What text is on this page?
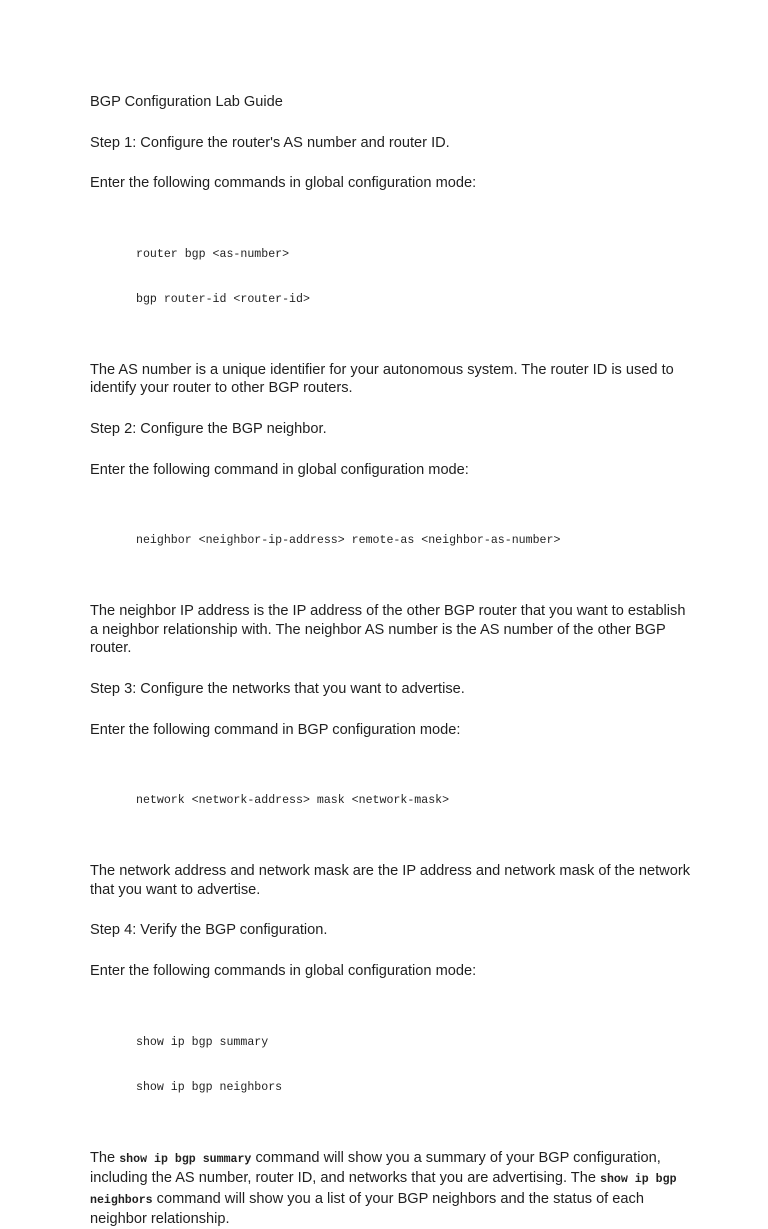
BGP Configuration Lab Guide

Step 1: Configure the router's AS number and router ID.

Enter the following commands in global configuration mode:

router bgp <as-number>

bgp router-id <router-id>

The AS number is a unique identifier for your autonomous system. The router ID is used to identify your router to other BGP routers.

Step 2: Configure the BGP neighbor.

Enter the following command in global configuration mode:

neighbor <neighbor-ip-address> remote-as <neighbor-as-number>

The neighbor IP address is the IP address of the other BGP router that you want to establish a neighbor relationship with. The neighbor AS number is the AS number of the other BGP router.

Step 3: Configure the networks that you want to advertise.

Enter the following command in BGP configuration mode:

network <network-address> mask <network-mask>

The network address and network mask are the IP address and network mask of the network that you want to advertise.

Step 4: Verify the BGP configuration.

Enter the following commands in global configuration mode:

show ip bgp summary

show ip bgp neighbors

The show ip bgp summary command will show you a summary of your BGP configuration, including the AS number, router ID, and networks that you are advertising. The show ip bgp neighbors command will show you a list of your BGP neighbors and the status of each neighbor relationship.
